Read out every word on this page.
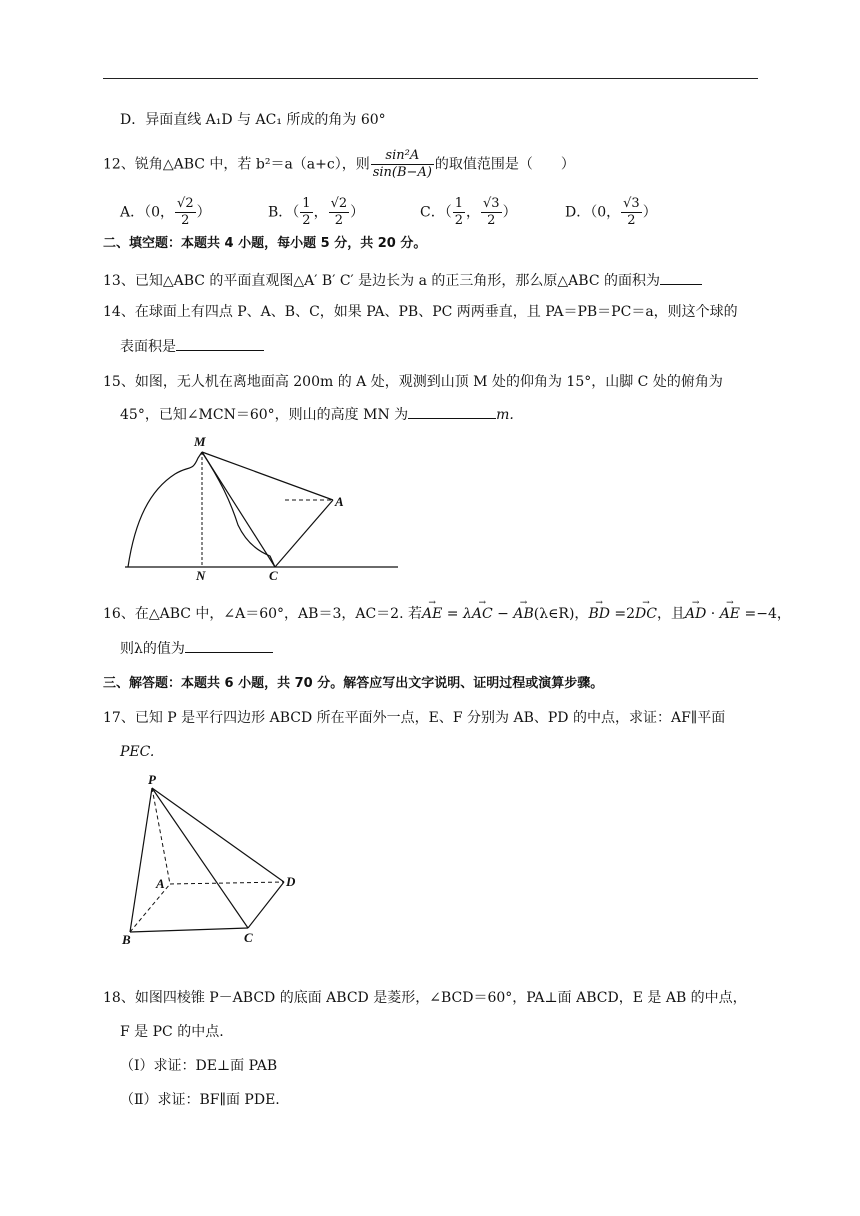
D．异面直线 A₁D 与 AC₁ 所成的角为 60°
12、锐角△ABC 中，若 b²＝a（a+c），则 $\frac{\text{sin²A}}{\sin(B-A)}$ 的取值范围是（　　）
A．（0， $\frac{√2}{2}$ ）	B．（ $\frac{1}{2}$ ， $\frac{√2}{2}$ ）	C．（ $\frac{1}{2}$ ， $\frac{√3}{2}$ ）	D．（0， $\frac{√3}{2}$ ）
二、填空题：本题共 4 小题，每小题 5 分，共 20 分。
13、已知△ABC 的平面直观图△A′ B′ C′ 是边长为 a 的正三角形，那么原△ABC 的面积为
14、在球面上有四点 P、A、B、C，如果 PA、PB、PC 两两垂直，且 PA＝PB＝PC＝a，则这个球的
表面积是
15、如图，无人机在离地面高 200m 的 A 处，观测到山顶 M 处的仰角为 15°，山脚 C 处的俯角为
45°，已知∠MCN＝60°，则山的高度 MN 为	m.
M
A
N	C
16、在△ABC 中，∠A＝60°，AB＝3，AC＝2. 若→ AE = λ→ AC − → AB(λ∈R)，→ BD =2→ DC，且→ AD · → AE =−4，
则λ的值为
三、解答题：本题共 6 小题，共 70 分。解答应写出文字说明、证明过程或演算步骤。
17、已知 P 是平行四边形 ABCD 所在平面外一点，E、F 分别为 AB、PD 的中点，求证：AF∥平面
PEC.
P
A	D
B	C
18、如图四棱锥 P－ABCD 的底面 ABCD 是菱形，∠BCD＝60°，PA⊥面 ABCD，E 是 AB 的中点，
F 是 PC 的中点.
（Ⅰ）求证：DE⊥面 PAB
（Ⅱ）求证：BF∥面 PDE.
